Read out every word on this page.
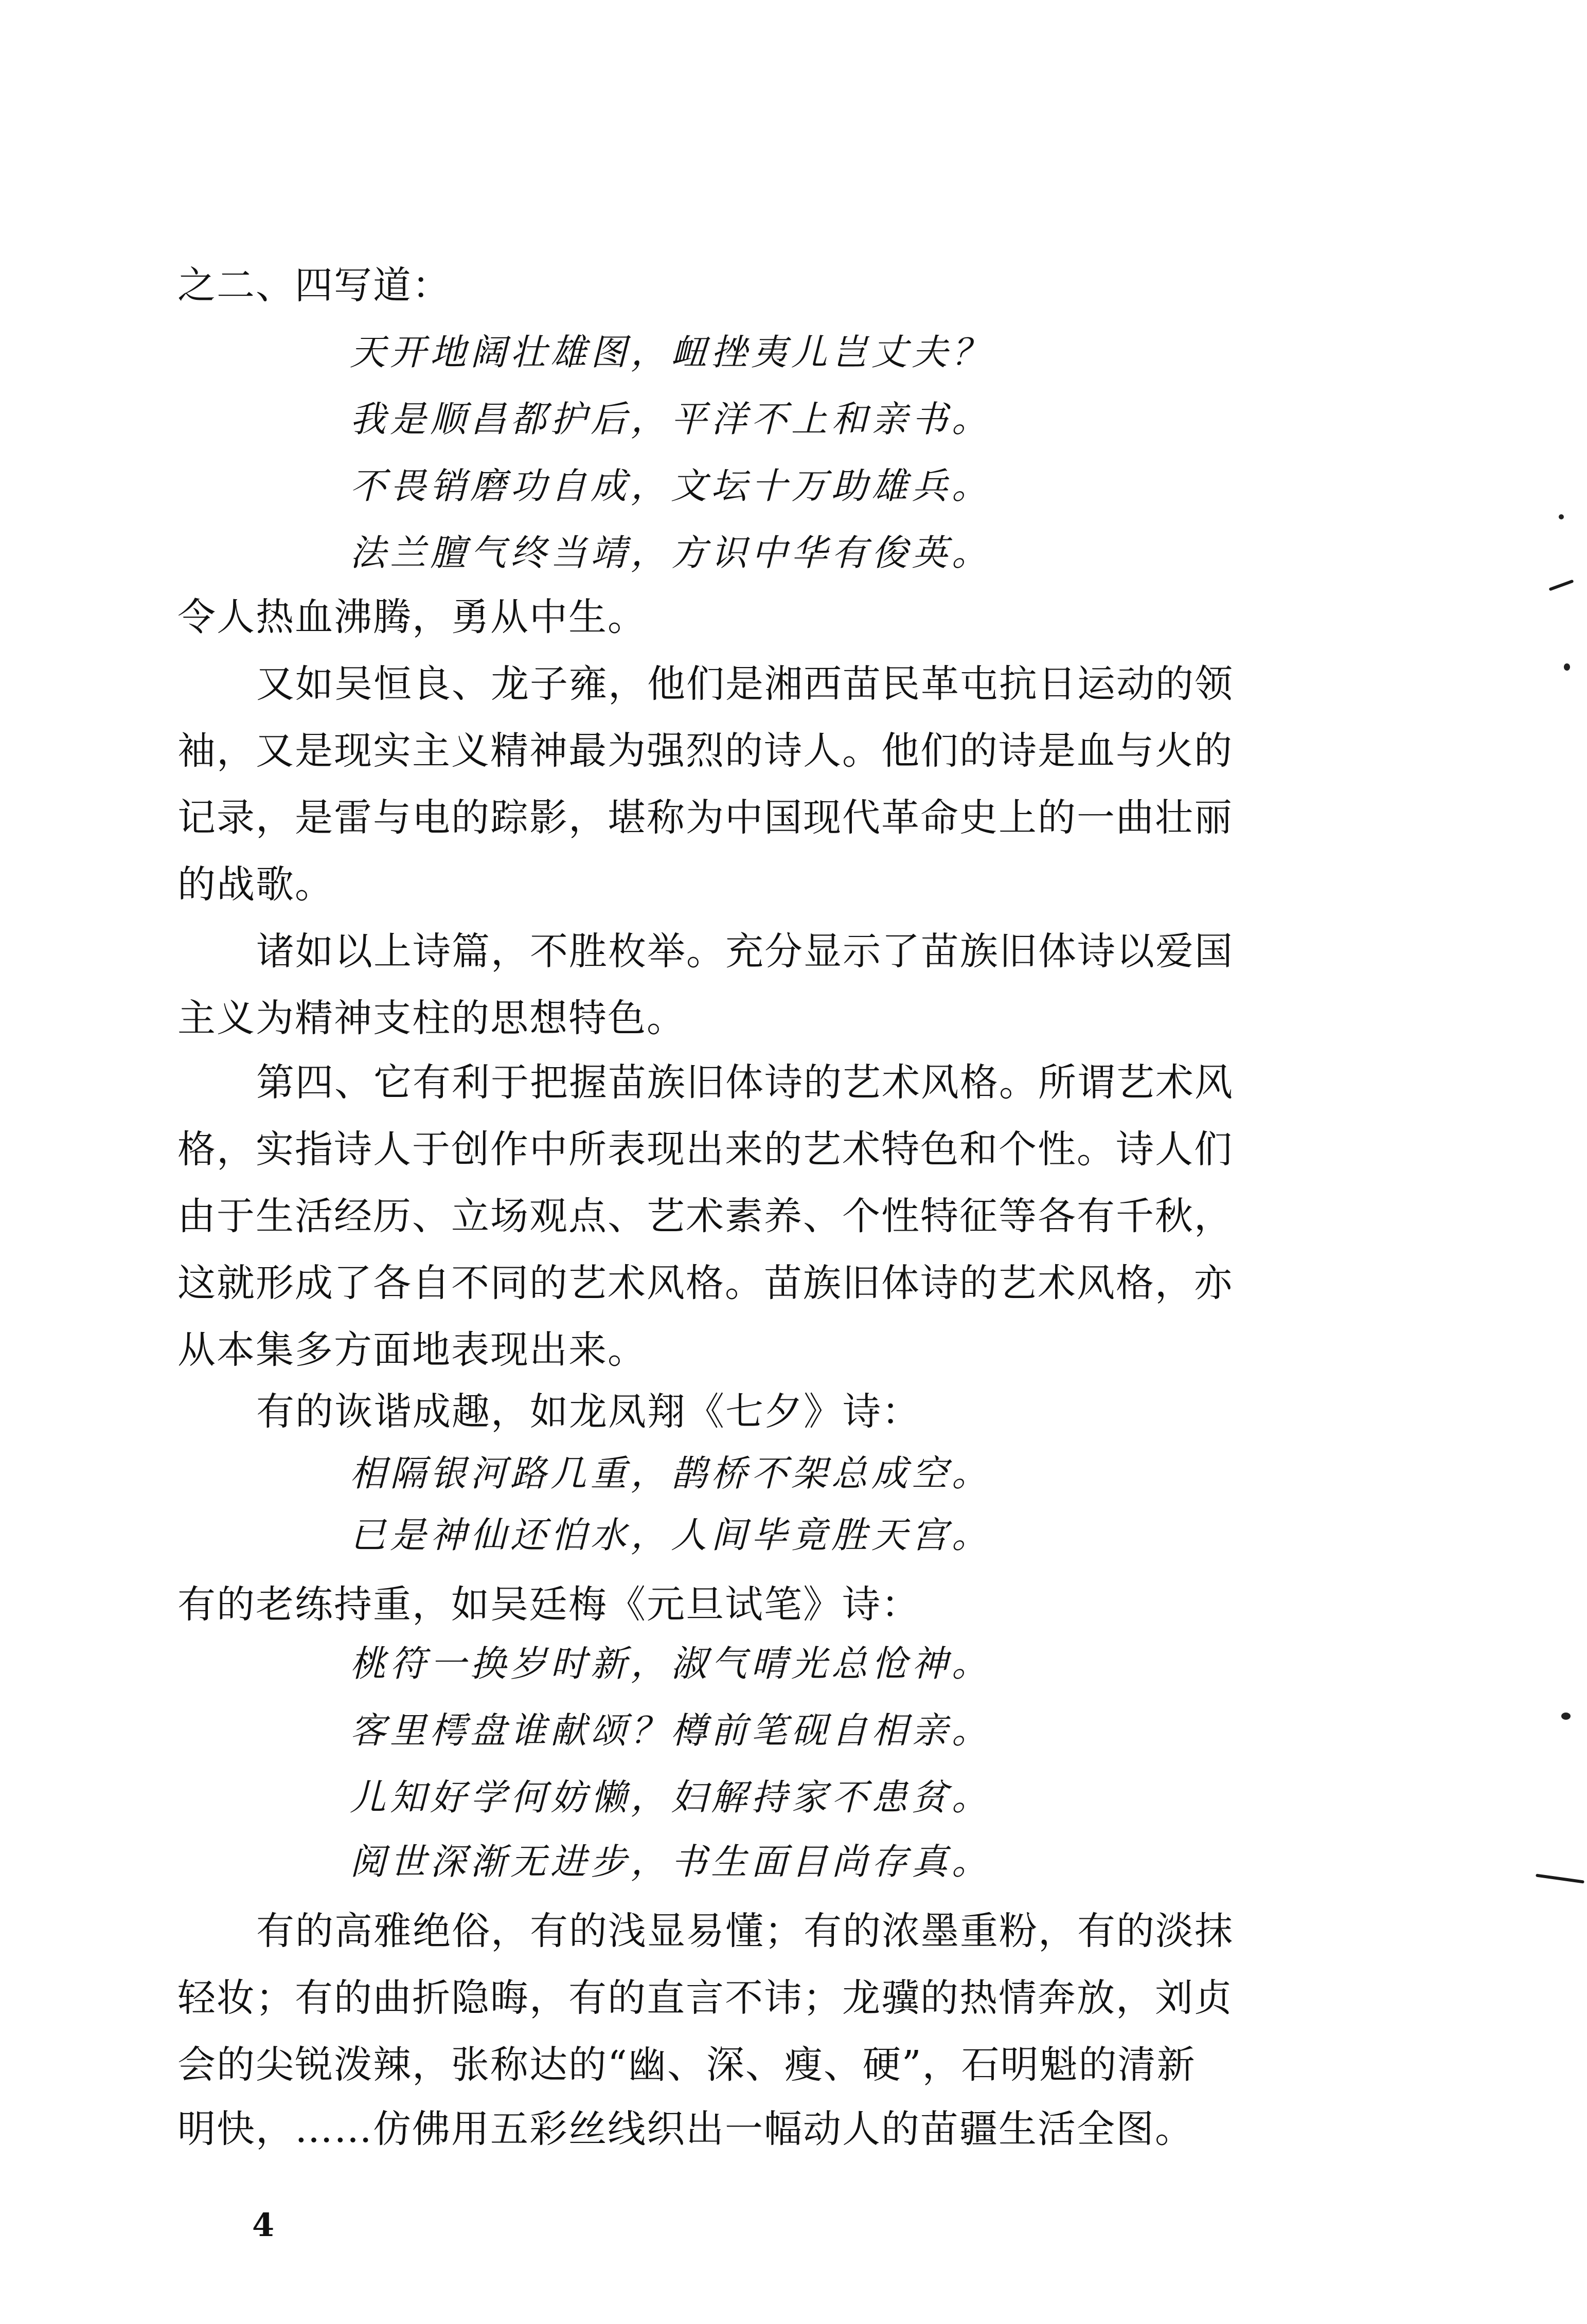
之二、四写道：
天开地阔壮雄图，衄挫夷儿岂丈夫？
我是顺昌都护后，平洋不上和亲书。
不畏销磨功自成，文坛十万助雄兵。
法兰膻气终当靖，方识中华有俊英。
令人热血沸腾，勇从中生。
又如吴恒良、龙子雍，他们是湘西苗民革屯抗日运动的领
袖，又是现实主义精神最为强烈的诗人。他们的诗是血与火的
记录，是雷与电的踪影，堪称为中国现代革命史上的一曲壮丽
的战歌。
诸如以上诗篇，不胜枚举。充分显示了苗族旧体诗以爱国
主义为精神支柱的思想特色。
第四、它有利于把握苗族旧体诗的艺术风格。所谓艺术风
格，实指诗人于创作中所表现出来的艺术特色和个性。诗人们
由于生活经历、立场观点、艺术素养、个性特征等各有千秋，
这就形成了各自不同的艺术风格。苗族旧体诗的艺术风格，亦
从本集多方面地表现出来。
有的诙谐成趣，如龙凤翔《七夕》诗：
相隔银河路几重，鹊桥不架总成空。
已是神仙还怕水，人间毕竟胜天宫。
有的老练持重，如吴廷梅《元旦试笔》诗：
桃符一换岁时新，淑气晴光总怆神。
客里樗盘谁献颂？樽前笔砚自相亲。
儿知好学何妨懒，妇解持家不患贫。
阅世深渐无进步，书生面目尚存真。
有的高雅绝俗，有的浅显易懂；有的浓墨重粉，有的淡抹
轻妆；有的曲折隐晦，有的直言不讳；龙骥的热情奔放，刘贞
会的尖锐泼辣，张称达的“幽、深、瘦、硬”，石明魁的清新
明快，……仿佛用五彩丝线织出一幅动人的苗疆生活全图。
4
